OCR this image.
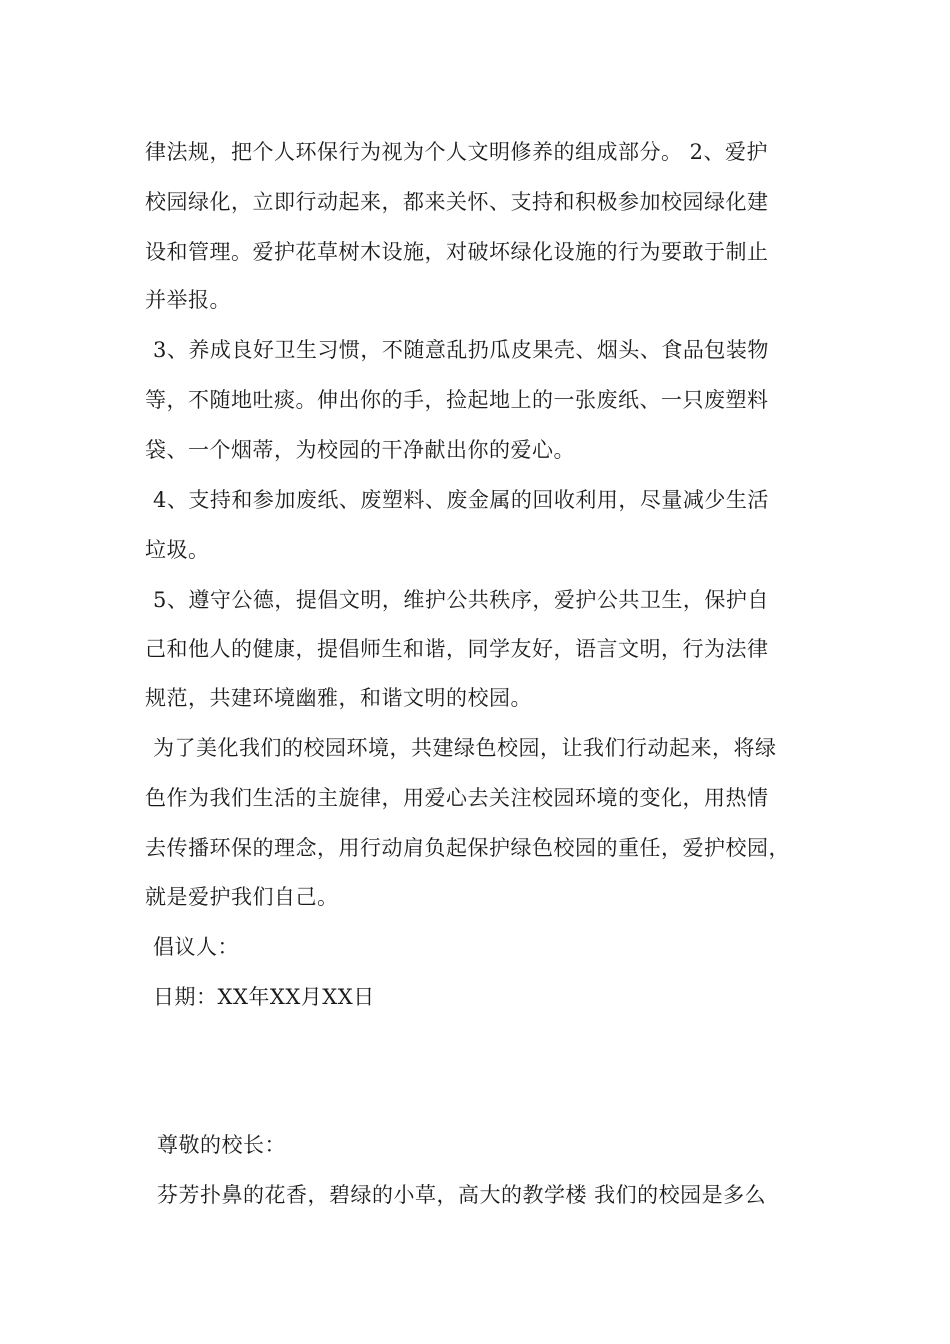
律法规，把个人环保行为视为个人文明修养的组成部分。 2、爱护
校园绿化，立即行动起来，都来关怀、支持和积极参加校园绿化建
设和管理。爱护花草树木设施，对破坏绿化设施的行为要敢于制止
并举报。
3、养成良好卫生习惯，不随意乱扔瓜皮果壳、烟头、食品包装物
等，不随地吐痰。伸出你的手，捡起地上的一张废纸、一只废塑料
袋、一个烟蒂，为校园的干净献出你的爱心。
4、支持和参加废纸、废塑料、废金属的回收利用，尽量减少生活
垃圾。
5、遵守公德，提倡文明，维护公共秩序，爱护公共卫生，保护自
己和他人的健康，提倡师生和谐，同学友好，语言文明，行为法律
规范，共建环境幽雅，和谐文明的校园。
为了美化我们的校园环境，共建绿色校园，让我们行动起来，将绿
色作为我们生活的主旋律，用爱心去关注校园环境的变化，用热情
去传播环保的理念，用行动肩负起保护绿色校园的重任，爱护校园，
就是爱护我们自己。
倡议人：
日期：XX年XX月XX日
尊敬的校长：
芬芳扑鼻的花香，碧绿的小草，高大的教学楼 我们的校园是多么
